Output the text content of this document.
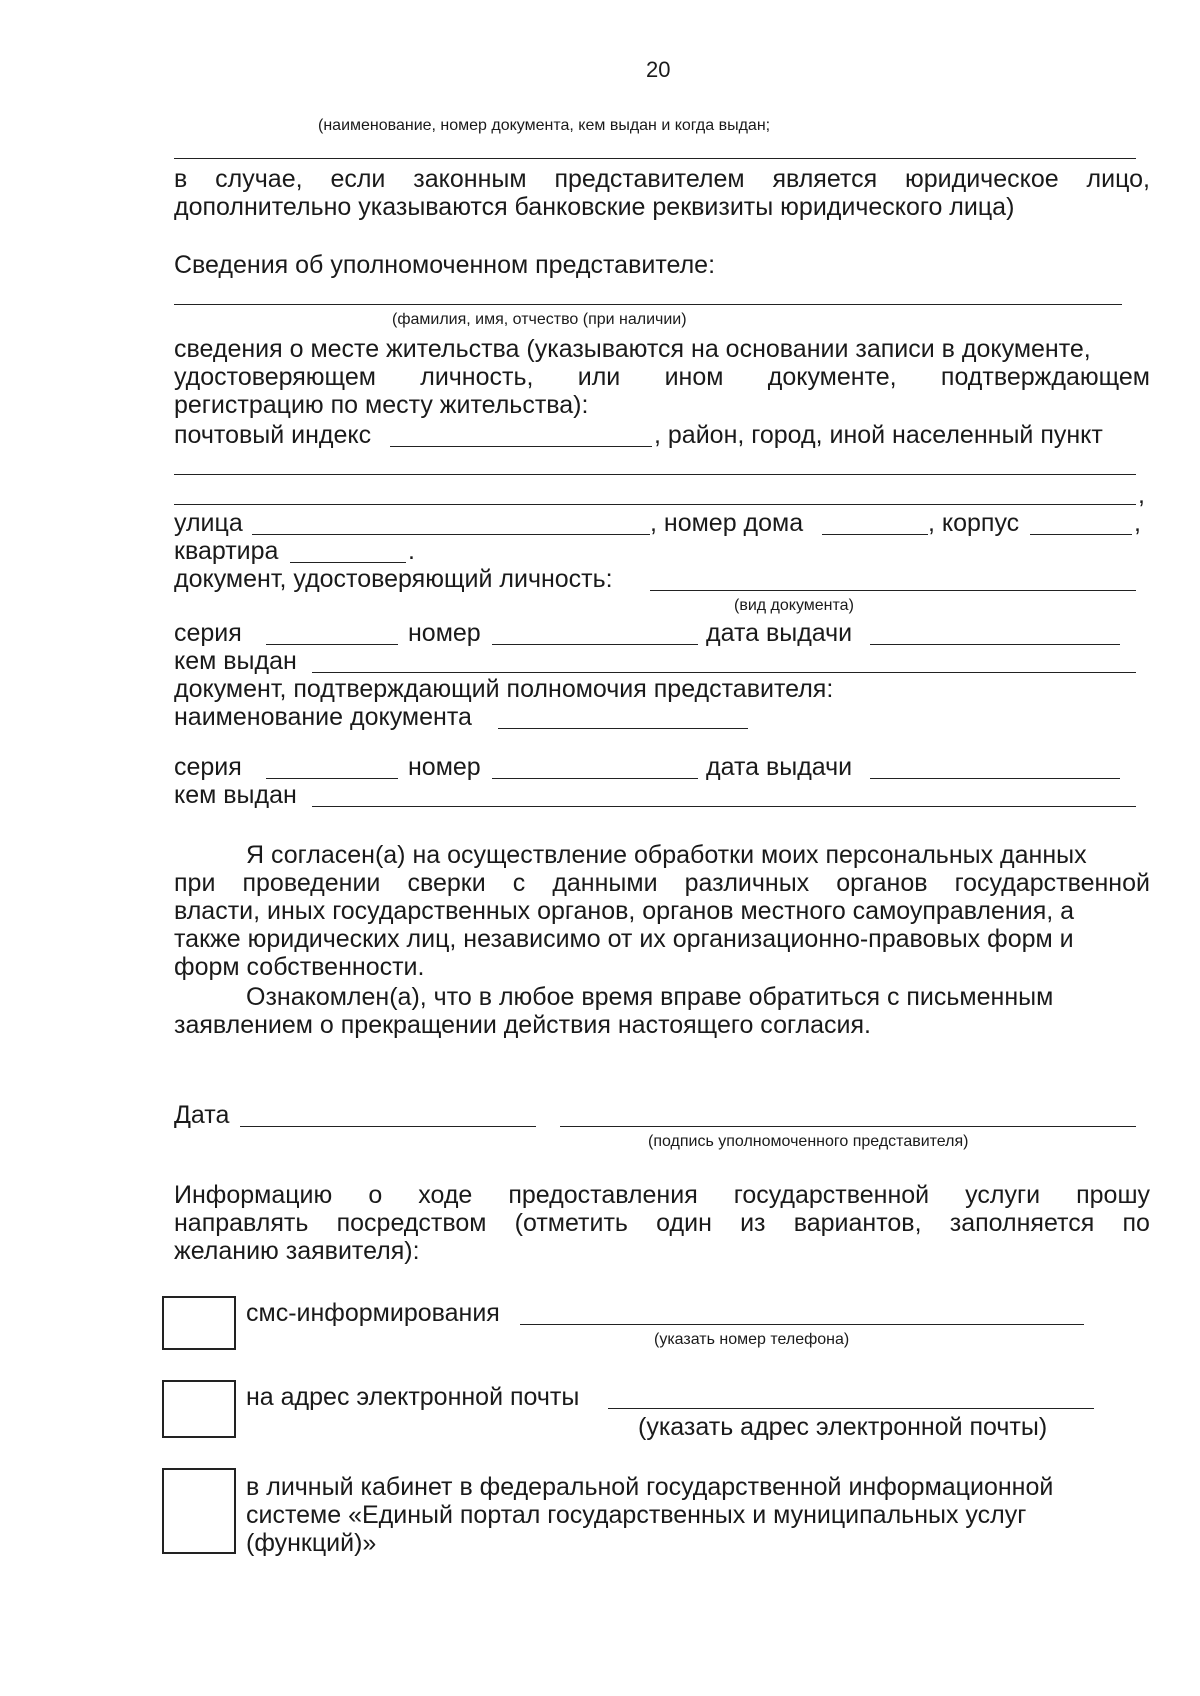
20
(наименование, номер документа, кем выдан и когда выдан;
в случае, если законным представителем является юридическое лицо,
дополнительно указываются банковские реквизиты юридического лица)
Сведения об уполномоченном представителе:
(фамилия, имя, отчество (при наличии)
сведения о месте жительства (указываются на основании записи в документе,
удостоверяющем личность, или ином документе, подтверждающем
регистрацию по месту жительства):
почтовый индекс	, район, город, иной населенный пункт
,
улица	, номер дома	, корпус	,
квартира	.
документ, удостоверяющий личность:
(вид документа)
серия	номер	дата выдачи
кем выдан
документ, подтверждающий полномочия представителя:
наименование документа
серия	номер	дата выдачи
кем выдан
Я согласен(а) на осуществление обработки моих персональных данных
при проведении сверки с данными различных органов государственной
власти, иных государственных органов, органов местного самоуправления, а
также юридических лиц, независимо от их организационно-правовых форм и
форм собственности.
Ознакомлен(а), что в любое время вправе обратиться с письменным
заявлением о прекращении действия настоящего согласия.
Дата
(подпись уполномоченного представителя)
Информацию о ходе предоставления государственной услуги прошу
направлять посредством (отметить один из вариантов, заполняется по
желанию заявителя):
смс-информирования
(указать номер телефона)
на адрес электронной почты
(указать адрес электронной почты)
в личный кабинет в федеральной государственной информационной
системе «Единый портал государственных и муниципальных услуг
(функций)»
